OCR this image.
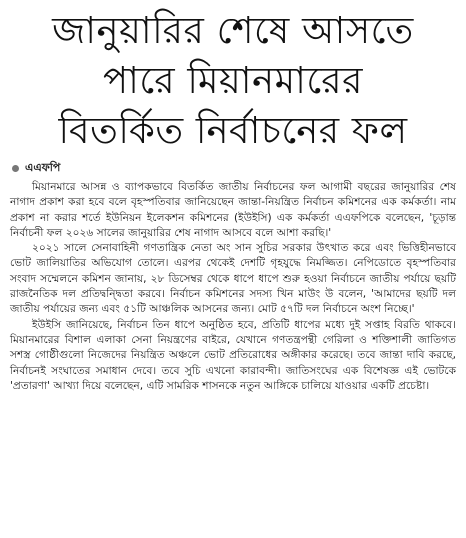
জানুয়ারির শেষে আসতে
পারে মিয়ানমারের
বিতর্কিত নির্বাচনের ফল
এএফপি

মিয়ানমারে আসন্ন ও ব্যাপকভাবে বিতর্কিত জাতীয় নির্বাচনের ফল আগামী বছরের জানুয়ারির শেষ নাগাদ প্রকাশ করা হবে বলে বৃহস্পতিবার জানিয়েছেন জান্তা-নিয়ন্ত্রিত নির্বাচন কমিশনের এক কর্মকর্তা। নাম প্রকাশ না করার শর্তে ইউনিয়ন ইলেকশন কমিশনের (ইউইসি) এক কর্মকর্তা এএফপিকে বলেছেন, 'চূড়ান্ত নির্বাচনী ফল ২০২৬ সালের জানুয়ারির শেষ নাগাদ আসবে বলে আশা করছি।'

২০২১ সালে সেনাবাহিনী গণতান্ত্রিক নেতা অং সান সুচির সরকার উৎখাত করে এবং ভিত্তিহীনভাবে ভোট জালিয়াতির অভিযোগ তোলে। এরপর থেকেই দেশটি গৃহযুদ্ধে নিমজ্জিত। নেপিডোতে বৃহস্পতিবার সংবাদ সম্মেলনে কমিশন জানায়, ২৮ ডিসেম্বর থেকে ধাপে ধাপে শুরু হওয়া নির্বাচনে জাতীয় পর্যায়ে ছয়টি রাজনৈতিক দল প্রতিদ্বন্দ্বিতা করবে। নির্বাচন কমিশনের সদস্য খিন মাউং উ বলেন, 'আমাদের ছয়টি দল জাতীয় পর্যায়ের জন্য এবং ৫১টি আঞ্চলিক আসনের জন্য। মোট ৫৭টি দল নির্বাচনে অংশ নিচ্ছে।'

ইউইসি জানিয়েছে, নির্বাচন তিন ধাপে অনুষ্ঠিত হবে, প্রতিটি ধাপের মধ্যে দুই সপ্তাহ বিরতি থাকবে। মিয়ানমারের বিশাল এলাকা সেনা নিয়ন্ত্রণের বাইরে, যেখানে গণতন্ত্রপন্থী গেরিলা ও শক্তিশালী জাতিগত সশস্ত্র গোষ্ঠীগুলো নিজেদের নিয়ন্ত্রিত অঞ্চলে ভোট প্রতিরোধের অঙ্গীকার করেছে। তবে জান্তা দাবি করছে, নির্বাচনই সংঘাতের সমাধান দেবে। তবে সুচি এখনো কারাবন্দী। জাতিসংঘের এক বিশেষজ্ঞ এই ভোটকে 'প্রতারণা' আখ্যা দিয়ে বলেছেন, এটি সামরিক শাসনকে নতুন আঙ্গিকে চালিয়ে যাওয়ার একটি প্রচেষ্টা।
